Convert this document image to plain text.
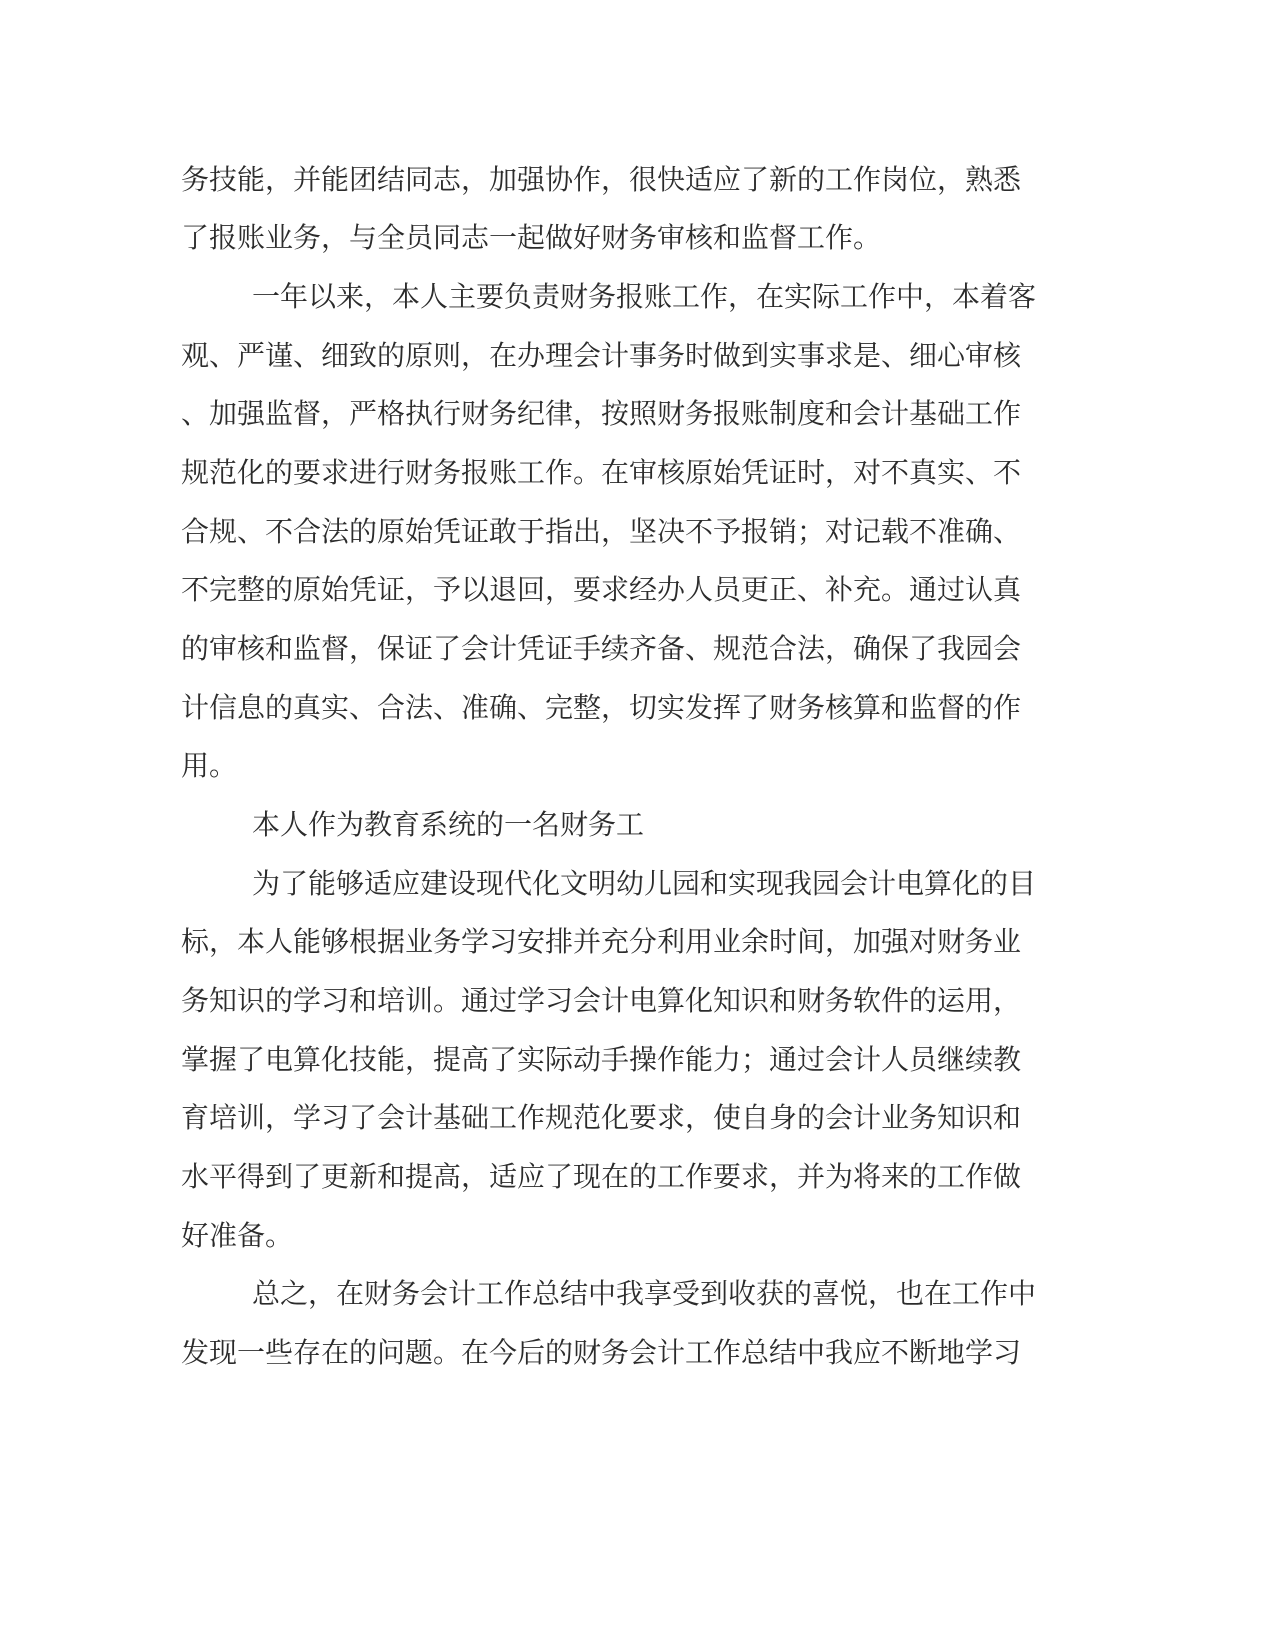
务技能，并能团结同志，加强协作，很快适应了新的工作岗位，熟悉

了报账业务，与全员同志一起做好财务审核和监督工作。

一年以来，本人主要负责财务报账工作，在实际工作中，本着客

观、严谨、细致的原则，在办理会计事务时做到实事求是、细心审核

、加强监督，严格执行财务纪律，按照财务报账制度和会计基础工作

规范化的要求进行财务报账工作。在审核原始凭证时，对不真实、不

合规、不合法的原始凭证敢于指出，坚决不予报销；对记载不准确、

不完整的原始凭证，予以退回，要求经办人员更正、补充。通过认真

的审核和监督，保证了会计凭证手续齐备、规范合法，确保了我园会

计信息的真实、合法、准确、完整，切实发挥了财务核算和监督的作

用。

本人作为教育系统的一名财务工

为了能够适应建设现代化文明幼儿园和实现我园会计电算化的目

标，本人能够根据业务学习安排并充分利用业余时间，加强对财务业

务知识的学习和培训。通过学习会计电算化知识和财务软件的运用，

掌握了电算化技能，提高了实际动手操作能力；通过会计人员继续教

育培训，学习了会计基础工作规范化要求，使自身的会计业务知识和

水平得到了更新和提高，适应了现在的工作要求，并为将来的工作做

好准备。

总之，在财务会计工作总结中我享受到收获的喜悦，也在工作中

发现一些存在的问题。在今后的财务会计工作总结中我应不断地学习
